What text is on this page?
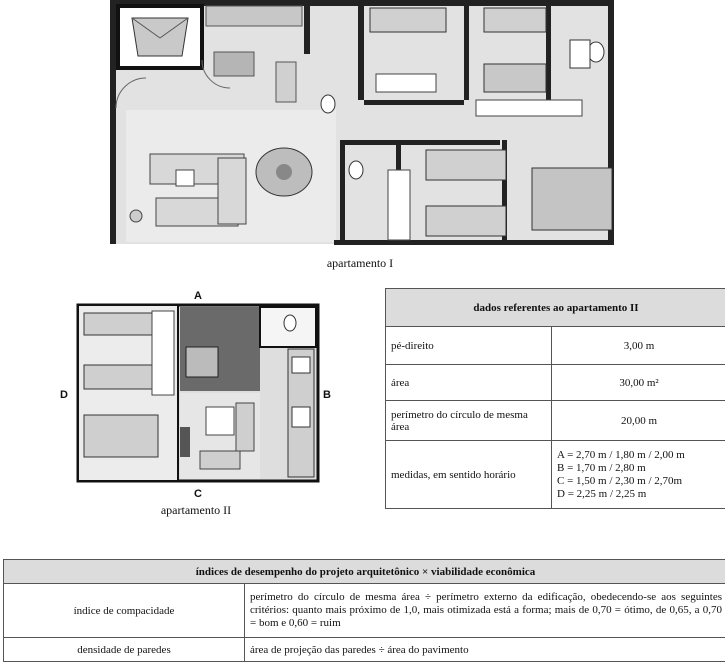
apartamento I
A
B
C
D
apartamento II
dados referentes ao apartamento II	
pé-direito	3,00 m
área	30,00 m²
perímetro do círculo de mesma área	20,00 m
medidas, em sentido horário	A = 2,70 m / 1,80 m / 2,00 m
B = 1,70 m / 2,80 m
C = 1,50 m / 2,30 m / 2,70m
D = 2,25 m / 2,25 m
índices de desempenho do projeto arquitetônico × viabilidade econômica	
índice de compacidade	perímetro do círculo de mesma área ÷ perímetro externo da edificação, obedecendo-se aos seguintes critérios: quanto mais próximo de 1,0, mais otimizada está a forma; mais de 0,70 = ótimo, de 0,65, a 0,70 = bom e 0,60 = ruim
densidade de paredes	área de projeção das paredes ÷ área do pavimento
